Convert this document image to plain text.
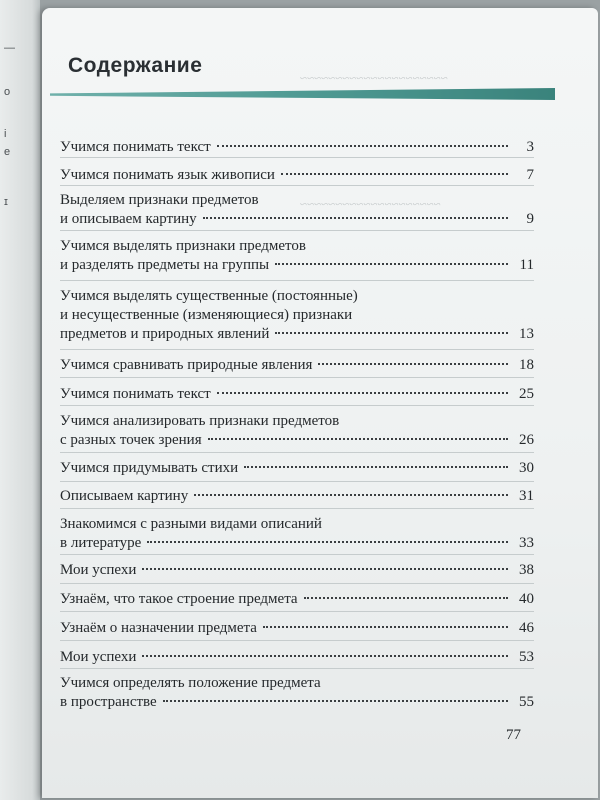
—
о
і
е
ɪ
~~~~~~~~~~~~~~~~~~~~~
~~~~~~~~~~~~~~~~~~~~
Содержание
Учимся понимать текст	3
Учимся понимать язык живописи	7
Выделяем признаки предметов
и описываем картину	9
Учимся выделять признаки предметов
и разделять предметы на группы	11
Учимся выделять существенные (постоянные)
и несущественные (изменяющиеся) признаки
предметов и природных явлений	13
Учимся сравнивать природные явления	18
Учимся понимать текст	25
Учимся анализировать признаки предметов
с разных точек зрения	26
Учимся придумывать стихи	30
Описываем картину	31
Знакомимся с разными видами описаний
в литературе	33
Мои успехи	38
Узнаём, что такое строение предмета	40
Узнаём о назначении предмета	46
Мои успехи	53
Учимся определять положение предмета
в пространстве	55
77
